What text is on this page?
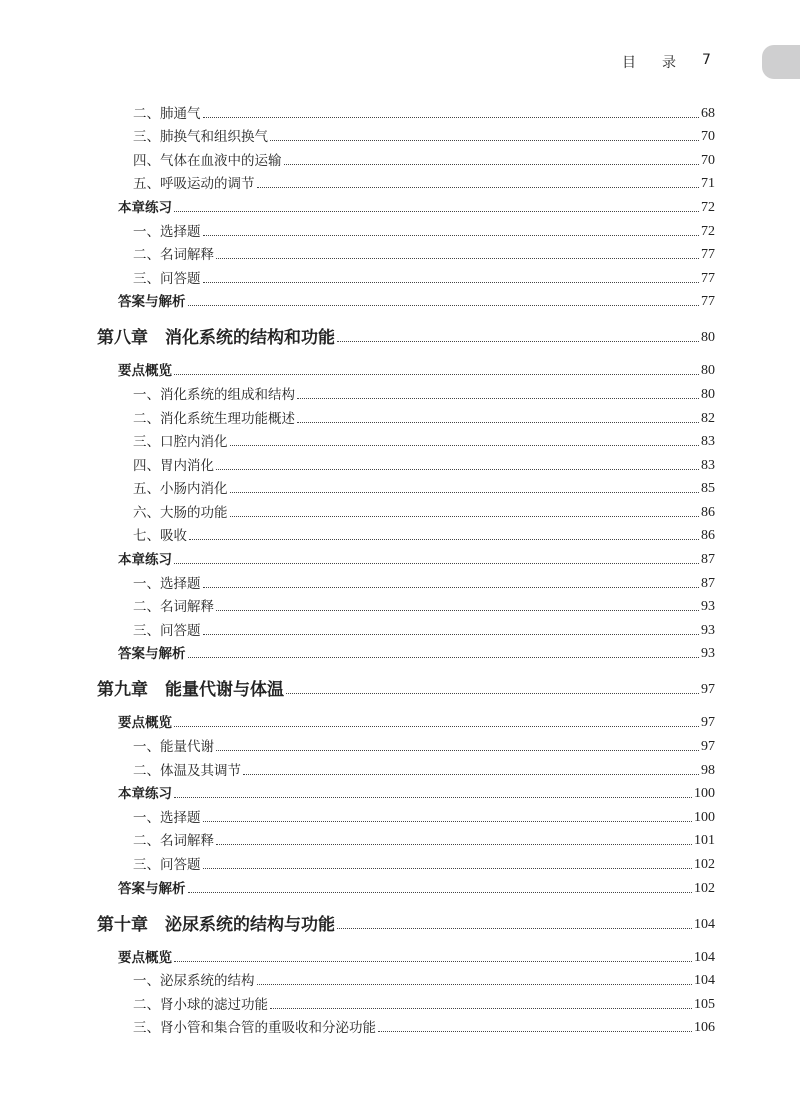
目	录	7
二、肺通气	68
三、肺换气和组织换气	70
四、气体在血液中的运输	70
五、呼吸运动的调节	71
本章练习	72
一、选择题	72
二、名词解释	77
三、问答题	77
答案与解析	77
第八章　消化系统的结构和功能	80
要点概览	80
一、消化系统的组成和结构	80
二、消化系统生理功能概述	82
三、口腔内消化	83
四、胃内消化	83
五、小肠内消化	85
六、大肠的功能	86
七、吸收	86
本章练习	87
一、选择题	87
二、名词解释	93
三、问答题	93
答案与解析	93
第九章　能量代谢与体温	97
要点概览	97
一、能量代谢	97
二、体温及其调节	98
本章练习	100
一、选择题	100
二、名词解释	101
三、问答题	102
答案与解析	102
第十章　泌尿系统的结构与功能	104
要点概览	104
一、泌尿系统的结构	104
二、肾小球的滤过功能	105
三、肾小管和集合管的重吸收和分泌功能	106
